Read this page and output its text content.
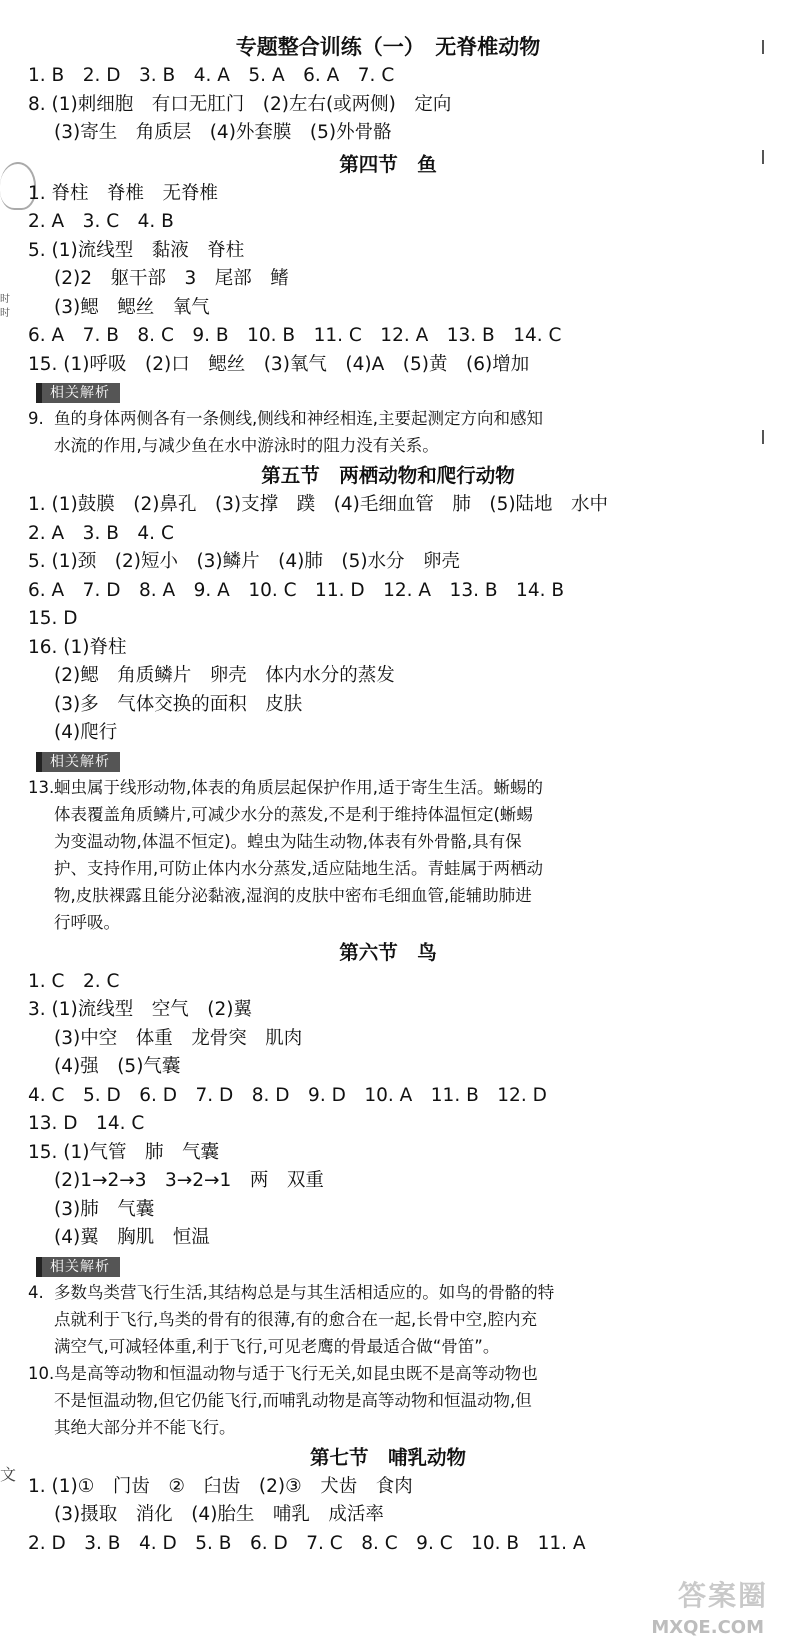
时
时
文
专题整合训练（一）　无脊椎动物
1. B　2. D　3. B　4. A　5. A　6. A　7. C
8. (1)刺细胞　有口无肛门　(2)左右(或两侧)　定向
(3)寄生　角质层　(4)外套膜　(5)外骨骼
第四节　鱼
1. 脊柱　脊椎　无脊椎
2. A　3. C　4. B
5. (1)流线型　黏液　脊柱
(2)2　躯干部　3　尾部　鳍
(3)鳃　鳃丝　氧气
6. A　7. B　8. C　9. B　10. B　11. C　12. A　13. B　14. C
15. (1)呼吸　(2)口　鳃丝　(3)氧气　(4)A　(5)黄　(6)增加
相关解析
9. 鱼的身体两侧各有一条侧线,侧线和神经相连,主要起测定方向和感知
水流的作用,与减少鱼在水中游泳时的阻力没有关系。
第五节　两栖动物和爬行动物
1. (1)鼓膜　(2)鼻孔　(3)支撑　蹼　(4)毛细血管　肺　(5)陆地　水中
2. A　3. B　4. C
5. (1)颈　(2)短小　(3)鳞片　(4)肺　(5)水分　卵壳
6. A　7. D　8. A　9. A　10. C　11. D　12. A　13. B　14. B
15. D
16. (1)脊柱
(2)鳃　角质鳞片　卵壳　体内水分的蒸发
(3)多　气体交换的面积　皮肤
(4)爬行
相关解析
13.蛔虫属于线形动物,体表的角质层起保护作用,适于寄生生活。蜥蜴的
体表覆盖角质鳞片,可减少水分的蒸发,不是利于维持体温恒定(蜥蜴
为变温动物,体温不恒定)。蝗虫为陆生动物,体表有外骨骼,具有保
护、支持作用,可防止体内水分蒸发,适应陆地生活。青蛙属于两栖动
物,皮肤裸露且能分泌黏液,湿润的皮肤中密布毛细血管,能辅助肺进
行呼吸。
第六节　鸟
1. C　2. C
3. (1)流线型　空气　(2)翼
(3)中空　体重　龙骨突　肌肉
(4)强　(5)气囊
4. C　5. D　6. D　7. D　8. D　9. D　10. A　11. B　12. D
13. D　14. C
15. (1)气管　肺　气囊
(2)1→2→3　3→2→1　两　双重
(3)肺　气囊
(4)翼　胸肌　恒温
相关解析
4. 多数鸟类营飞行生活,其结构总是与其生活相适应的。如鸟的骨骼的特
点就利于飞行,鸟类的骨有的很薄,有的愈合在一起,长骨中空,腔内充
满空气,可减轻体重,利于飞行,可见老鹰的骨最适合做“骨笛”。
10.鸟是高等动物和恒温动物与适于飞行无关,如昆虫既不是高等动物也
不是恒温动物,但它仍能飞行,而哺乳动物是高等动物和恒温动物,但
其绝大部分并不能飞行。
第七节　哺乳动物
1. (1)①　门齿　②　臼齿　(2)③　犬齿　食肉
(3)摄取　消化　(4)胎生　哺乳　成活率
2. D　3. B　4. D　5. B　6. D　7. C　8. C　9. C　10. B　11. A
答案圈
MXQE.COM
